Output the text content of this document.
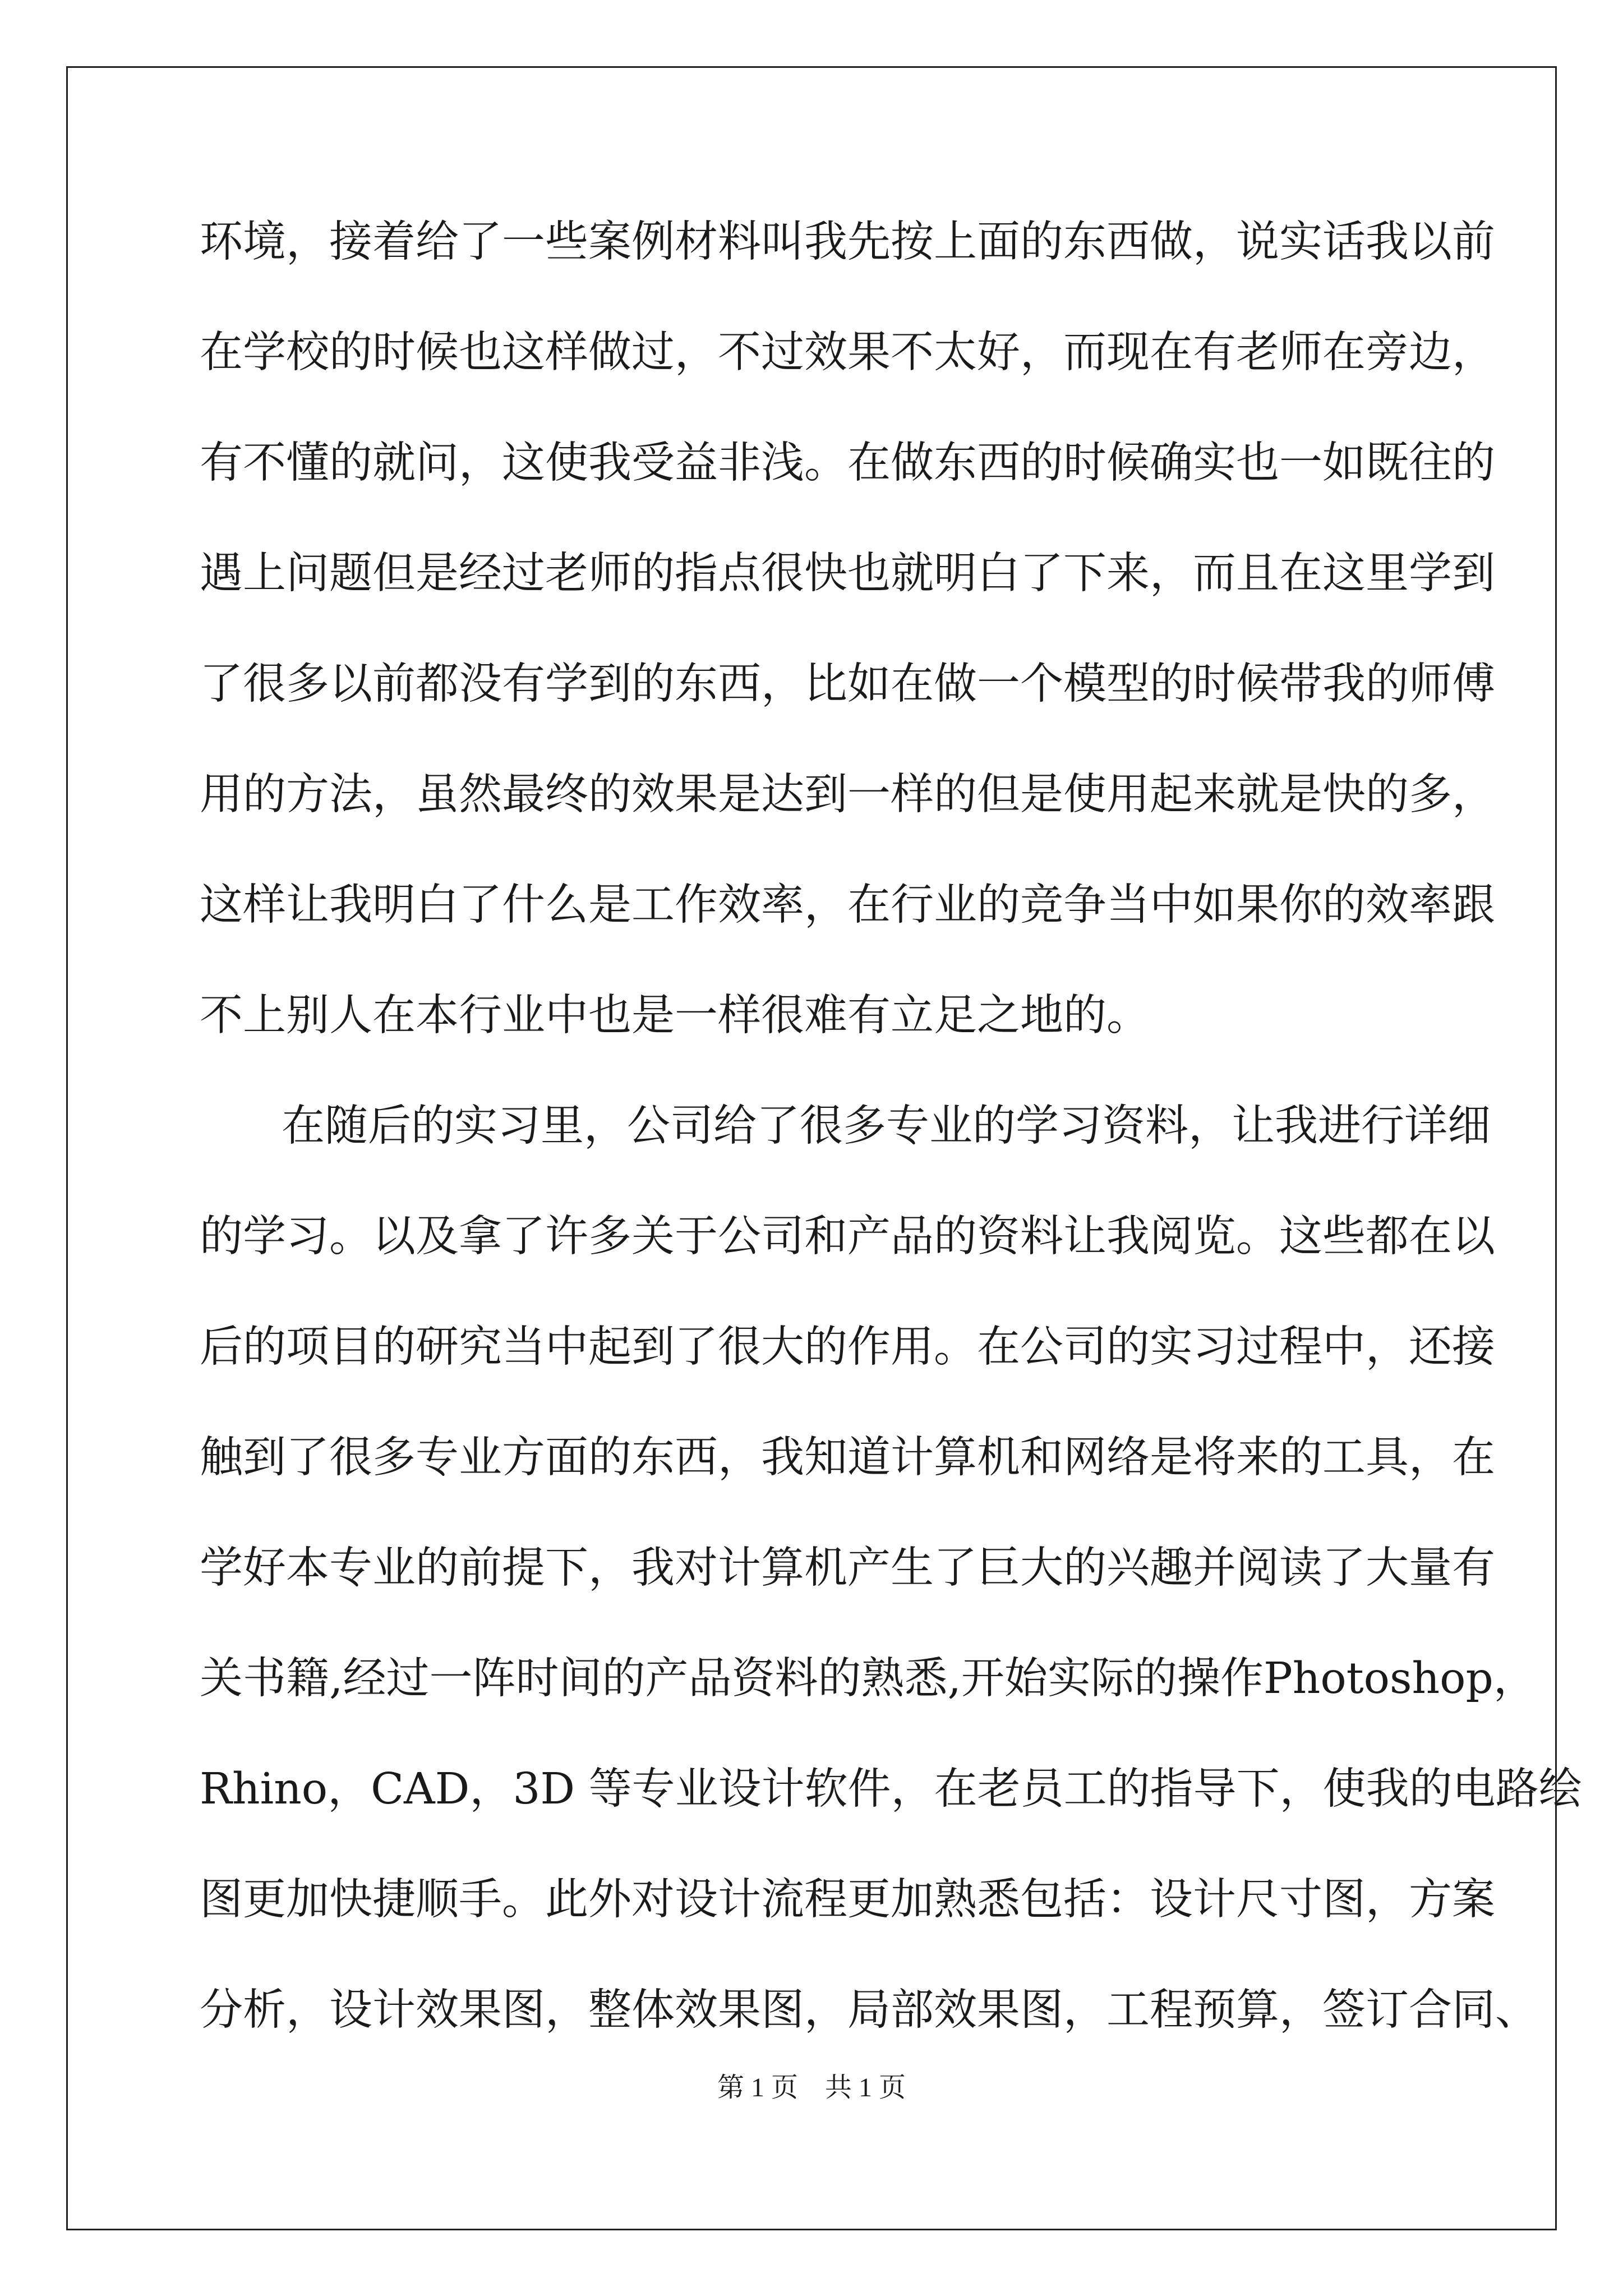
环境，接着给了一些案例材料叫我先按上面的东西做，说实话我以前
在学校的时候也这样做过，不过效果不太好，而现在有老师在旁边，
有不懂的就问，这使我受益非浅。在做东西的时候确实也一如既往的
遇上问题但是经过老师的指点很快也就明白了下来，而且在这里学到
了很多以前都没有学到的东西，比如在做一个模型的时候带我的师傅
用的方法，虽然最终的效果是达到一样的但是使用起来就是快的多，
这样让我明白了什么是工作效率，在行业的竞争当中如果你的效率跟
不上别人在本行业中也是一样很难有立足之地的。
在随后的实习里，公司给了很多专业的学习资料，让我进行详细
的学习。以及拿了许多关于公司和产品的资料让我阅览。这些都在以
后的项目的研究当中起到了很大的作用。在公司的实习过程中，还接
触到了很多专业方面的东西，我知道计算机和网络是将来的工具，在
学好本专业的前提下，我对计算机产生了巨大的兴趣并阅读了大量有
关书籍,经过一阵时间的产品资料的熟悉,开始实际的操作Photoshop，
Rhino，CAD，3D 等专业设计软件，在老员工的指导下，使我的电路绘
图更加快捷顺手。此外对设计流程更加熟悉包括：设计尺寸图，方案
分析，设计效果图，整体效果图，局部效果图，工程预算，签订合同、
第 1 页　共 1 页
